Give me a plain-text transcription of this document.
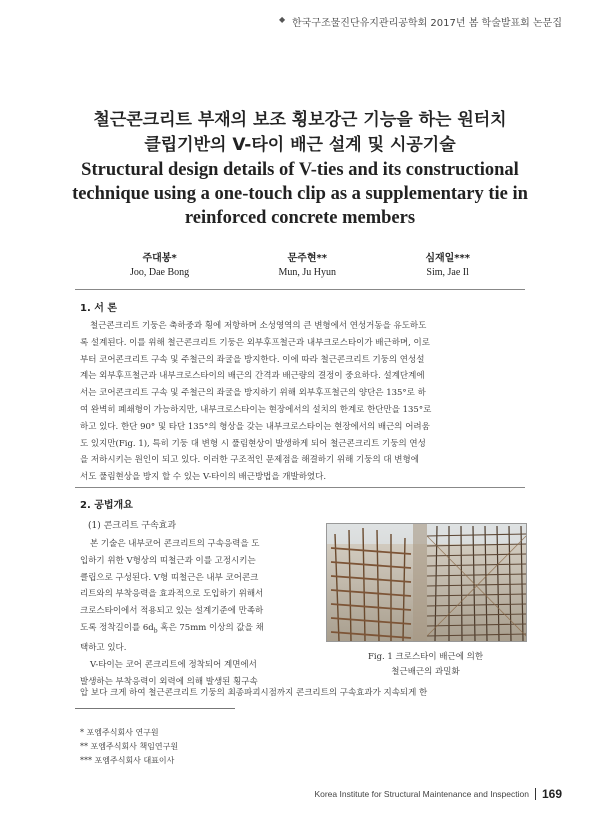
◆
한국구조물진단유지관리공학회 2017년 봄 학술발표회 논문집
철근콘크리트 부재의 보조 횡보강근 기능을 하는 원터치
클립기반의 V-타이 배근 설계 및 시공기술
Structural design details of V-ties and its constructional
technique using a one-touch clip as a supplementary tie in
reinforced concrete members
주대봉*
Joo, Dae Bong
문주현**
Mun, Ju Hyun
심재일***
Sim, Jae Il
1. 서 론
철근콘크리트 기둥은 축하중과 횡에 저항하며 소성영역의 큰 변형에서 연성거동을 유도하도
록 설계된다. 이를 위해 철근콘크리트 기둥은 외부후프철근과 내부크로스타이가 배근하며, 이로
부터 코어콘크리트 구속 및 주철근의 좌굴을 방지한다. 이에 따라 철근콘크리트 기둥의 연성설
계는 외부후프철근과 내부크로스타이의 배근의 간격과 배근량의 결정이 중요하다. 설계단계에
서는 코어콘크리트 구속 및 주철근의 좌굴을 방지하기 위해 외부후프철근의 양단은 135°로 하
여 완벽히 폐쇄형이 가능하지만, 내부크로스타이는 현장에서의 설치의 한계로 한단만을 135°로
하고 있다. 한단 90° 및 타단 135°의 형상을 갖는 내부크로스타이는 현장에서의 배근의 어려움
도 있지만(Fig. 1), 특히 기둥 대 변형 시 풀림현상이 발생하게 되어 철근콘크리트 기둥의 연성
을 저하시키는 원인이 되고 있다. 이러한 구조적인 문제점을 해결하기 위해 기둥의 대 변형에
서도 풀림현상을 방지 할 수 있는 V-타이의 배근방법을 개발하였다.
2. 공법개요
(1) 콘크리트 구속효과
본 기술은 내부코어 콘크리트의 구속응력을 도
입하기 위한 V형상의 띠철근과 이를 고정시키는
클립으로 구성된다. V형 띠철근은 내부 코어콘크
리트와의 부착응력을 효과적으로 도입하기 위해서
크로스타이에서 적용되고 있는 설계기준에 만족하
도록 정착길이를 $6d_b$ 혹은 75mm 이상의 값을 채
택하고 있다.
V-타이는 코어 콘크리트에 정착되어 계면에서
발생하는 부착응력이 외력에 의해 발생된 횡구속
압 보다 크게 하여 철근콘크리트 기둥의 최종파괴시점까지 콘크리트의 구속효과가 지속되게 한
Fig. 1 크로스타이 배근에 의한
철근배근의 과밀화
* 포엠주식회사 연구원
** 포엠주식회사 책임연구원
*** 포엠주식회사 대표이사
Korea Institute for Structural Maintenance and Inspection 169
